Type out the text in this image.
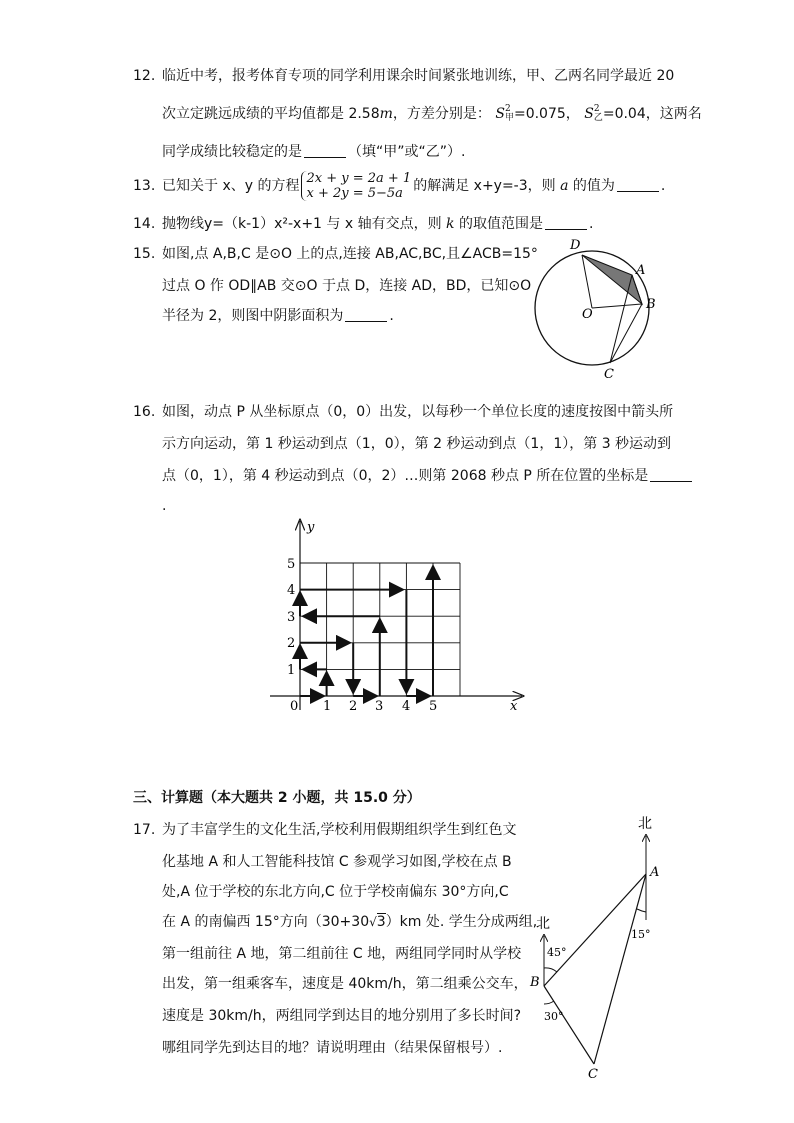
12. 临近中考，报考体育专项的同学利用课余时间紧张地训练，甲、乙两名同学最近 20
次立定跳远成绩的平均值都是 2.58m，方差分别是： S 2
甲 =0.075， S 2
乙 =0.04，这两名
同学成绩比较稳定的是	（填“甲”或“乙”）.
13. 已知关于 x、y 的方程 2x + y = 2a + 1
x + 2y = 5−5a 的解满足 x+y=-3，则 a 的值为	.
14. 抛物线y=（k-1）x²-x+1 与 x 轴有交点，则 k 的取值范围是	.
15. 如图,点 A,B,C 是⊙O 上的点,连接 AB,AC,BC,且∠ACB=15°
过点 O 作 OD∥AB 交⊙O 于点 D，连接 AD，BD，已知⊙O
半径为 2，则图中阴影面积为	.
D
A
B
O
C
16. 如图，动点 P 从坐标原点（0，0）出发，以每秒一个单位长度的速度按图中箭头所
示方向运动，第 1 秒运动到点（1，0），第 2 秒运动到点（1，1），第 3 秒运动到
点（0，1），第 4 秒运动到点（0，2）…则第 2068 秒点 P 所在位置的坐标是
.
y
x
0 1 2 3 4 5
1
2
3
4
5
三、计算题（本大题共 2 小题，共 15.0 分）
17. 为了丰富学生的文化生活,学校利用假期组织学生到红色文
化基地 A 和人工智能科技馆 C 参观学习如图,学校在点 B
处,A 位于学校的东北方向,C 位于学校南偏东 30°方向,C
在 A 的南偏西 15°方向（30+30√3）km 处. 学生分成两组,
第一组前往 A 地，第二组前往 C 地，两组同学同时从学校
出发，第一组乘客车，速度是 40km/h，第二组乘公交车，
速度是 30km/h，两组同学到达目的地分别用了多长时间?
哪组同学先到达目的地？请说明理由（结果保留根号）.
北
北
A
B
C
45°
15°
30°
